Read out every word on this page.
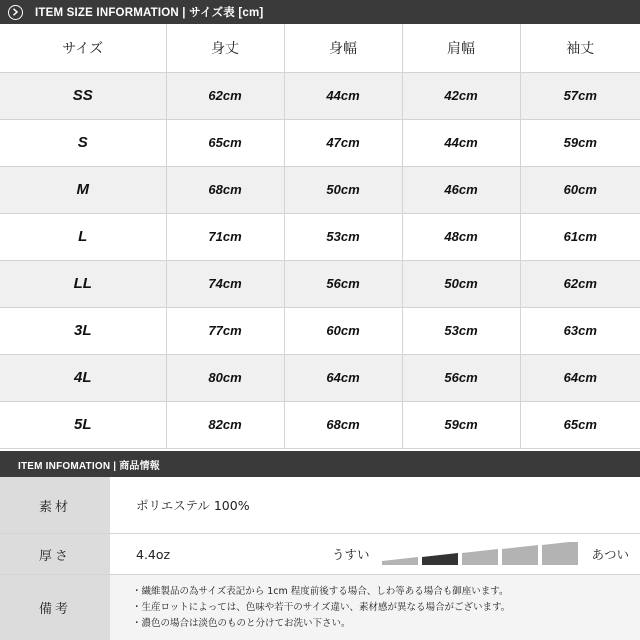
ITEM SIZE INFORMATION | サイズ表 [cm]
サイズ	身丈	身幅	肩幅	袖丈
SS	62cm	44cm	42cm	57cm
S	65cm	47cm	44cm	59cm
M	68cm	50cm	46cm	60cm
L	71cm	53cm	48cm	61cm
LL	74cm	56cm	50cm	62cm
3L	77cm	60cm	53cm	63cm
4L	80cm	64cm	56cm	64cm
5L	82cm	68cm	59cm	65cm
ITEM INFOMATION | 商品情報
素材	ポリエステル 100%
厚さ	4.4oz	うすい	あつい
備考
・繊維製品の為サイズ表記から 1cm 程度前後する場合、しわ等ある場合も御座います。
・生産ロットによっては、色味や若干のサイズ違い、素材感が異なる場合がございます。
・濃色の場合は淡色のものと分けてお洗い下さい。
